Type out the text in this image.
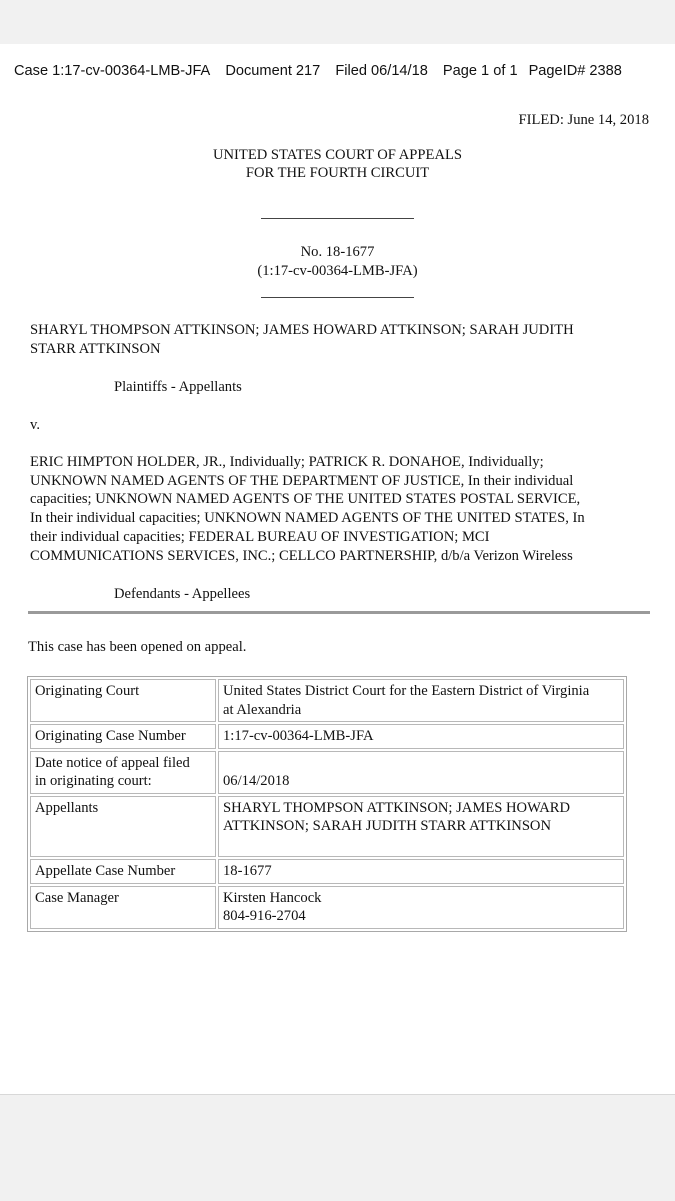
Case 1:17-cv-00364-LMB-JFA Document 217 Filed 06/14/18 Page 1 of 1 PageID# 2388
FILED: June 14, 2018
UNITED STATES COURT OF APPEALS
FOR THE FOURTH CIRCUIT
No. 18-1677
(1:17-cv-00364-LMB-JFA)
SHARYL THOMPSON ATTKINSON; JAMES HOWARD ATTKINSON; SARAH JUDITH
STARR ATTKINSON
Plaintiffs - Appellants
v.
ERIC HIMPTON HOLDER, JR., Individually; PATRICK R. DONAHOE, Individually;
UNKNOWN NAMED AGENTS OF THE DEPARTMENT OF JUSTICE, In their individual
capacities; UNKNOWN NAMED AGENTS OF THE UNITED STATES POSTAL SERVICE,
In their individual capacities; UNKNOWN NAMED AGENTS OF THE UNITED STATES, In
their individual capacities; FEDERAL BUREAU OF INVESTIGATION; MCI
COMMUNICATIONS SERVICES, INC.; CELLCO PARTNERSHIP, d/b/a Verizon Wireless
Defendants - Appellees
This case has been opened on appeal.
Originating Court	United States District Court for the Eastern District of Virginia
at Alexandria

Originating Case Number	1:17-cv-00364-LMB-JFA

Date notice of appeal filed
in originating court:	06/14/2018

Appellants	SHARYL THOMPSON ATTKINSON; JAMES HOWARD
ATTKINSON; SARAH JUDITH STARR ATTKINSON

Appellate Case Number	18-1677

Case Manager	Kirsten Hancock
804-916-2704
